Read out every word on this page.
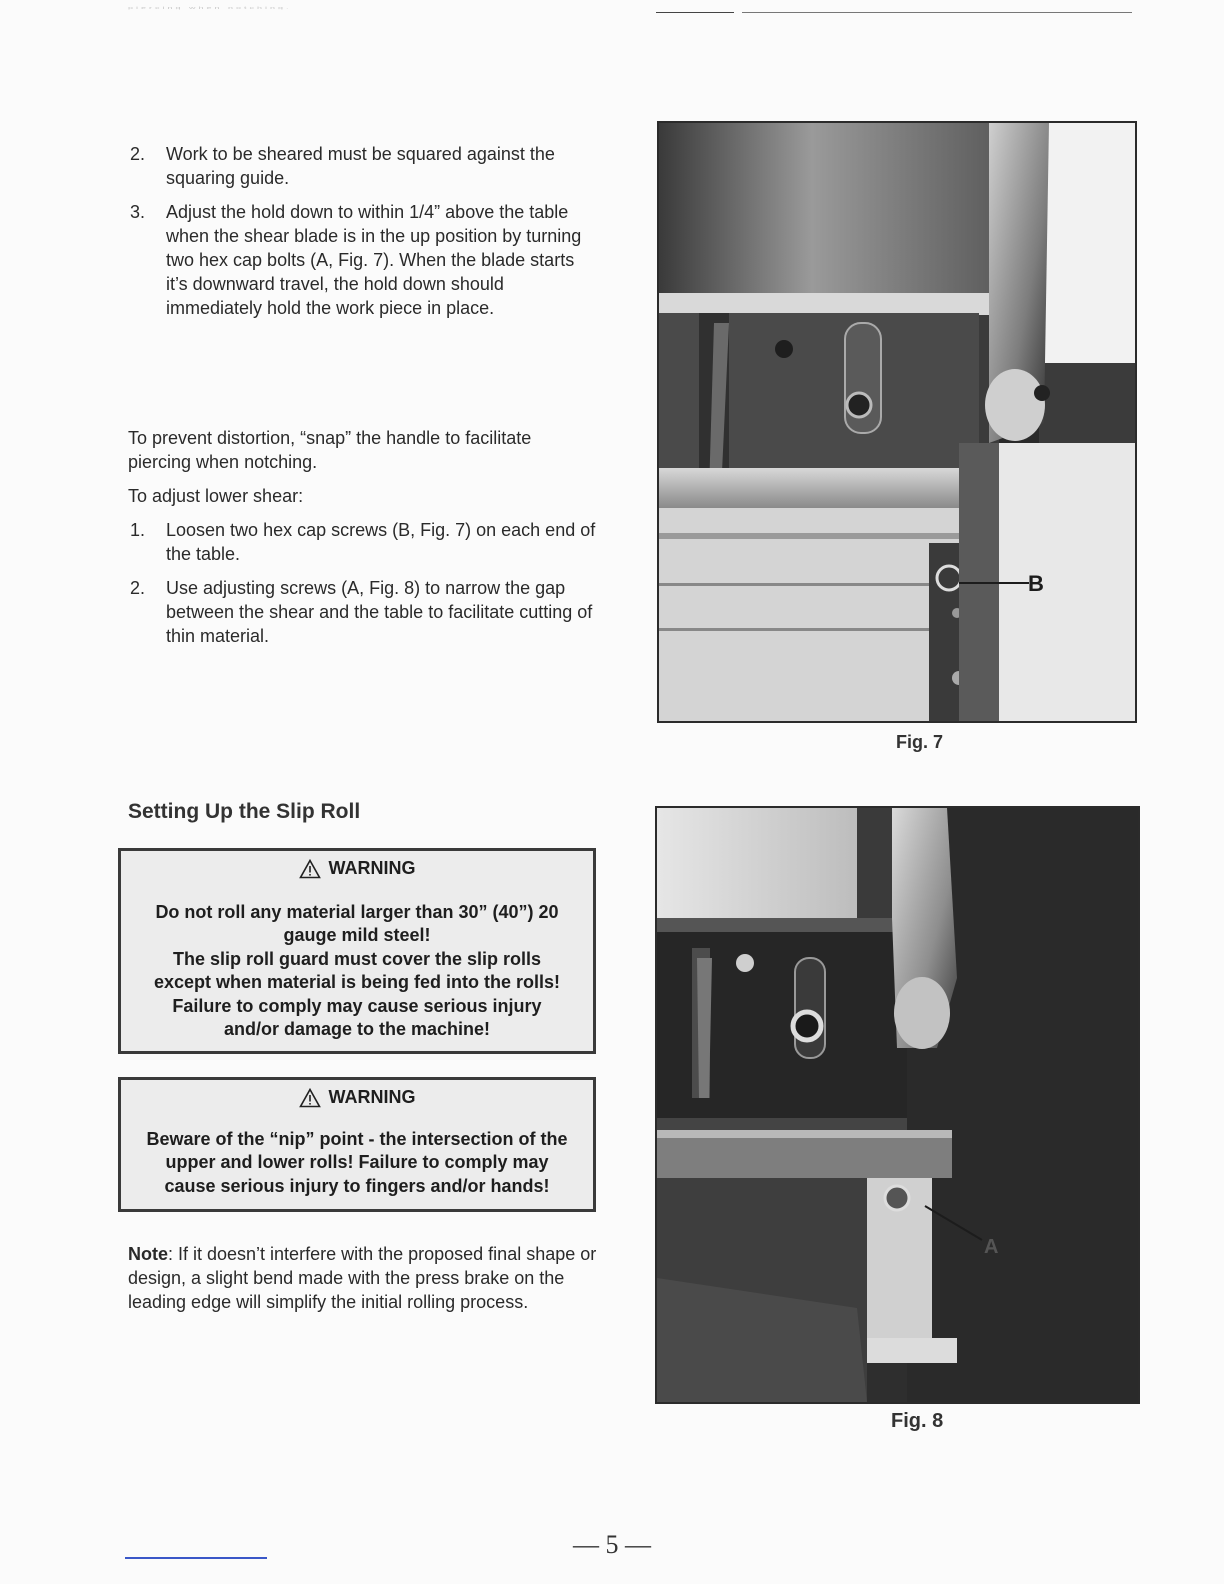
piercing when notching.
2. Work to be sheared must be squared against the squaring guide.
3. Adjust the hold down to within 1/4” above the table when the shear blade is in the up position by turning two hex cap bolts (A, Fig. 7). When the blade starts it’s downward travel, the hold down should immediately hold the work piece in place.

To prevent distortion, “snap” the handle to facilitate piercing when notching.

To adjust lower shear:

1. Loosen two hex cap screws (B, Fig. 7) on each end of the table.
2. Use adjusting screws (A, Fig. 8) to narrow the gap between the shear and the table to facilitate cutting of thin material.
Setting Up the Slip Roll
WARNING
Do not roll any material larger than 30” (40”) 20
gauge mild steel!
The slip roll guard must cover the slip rolls
except when material is being fed into the rolls!
Failure to comply may cause serious injury
and/or damage to the machine!
WARNING
Beware of the “nip” point - the intersection of the
upper and lower rolls! Failure to comply may
cause serious injury to fingers and/or hands!

Note: If it doesn’t interfere with the proposed final shape or design, a slight bend made with the press brake on the leading edge will simplify the initial rolling process.

B
Fig. 7
A
Fig. 8
— 5 —
